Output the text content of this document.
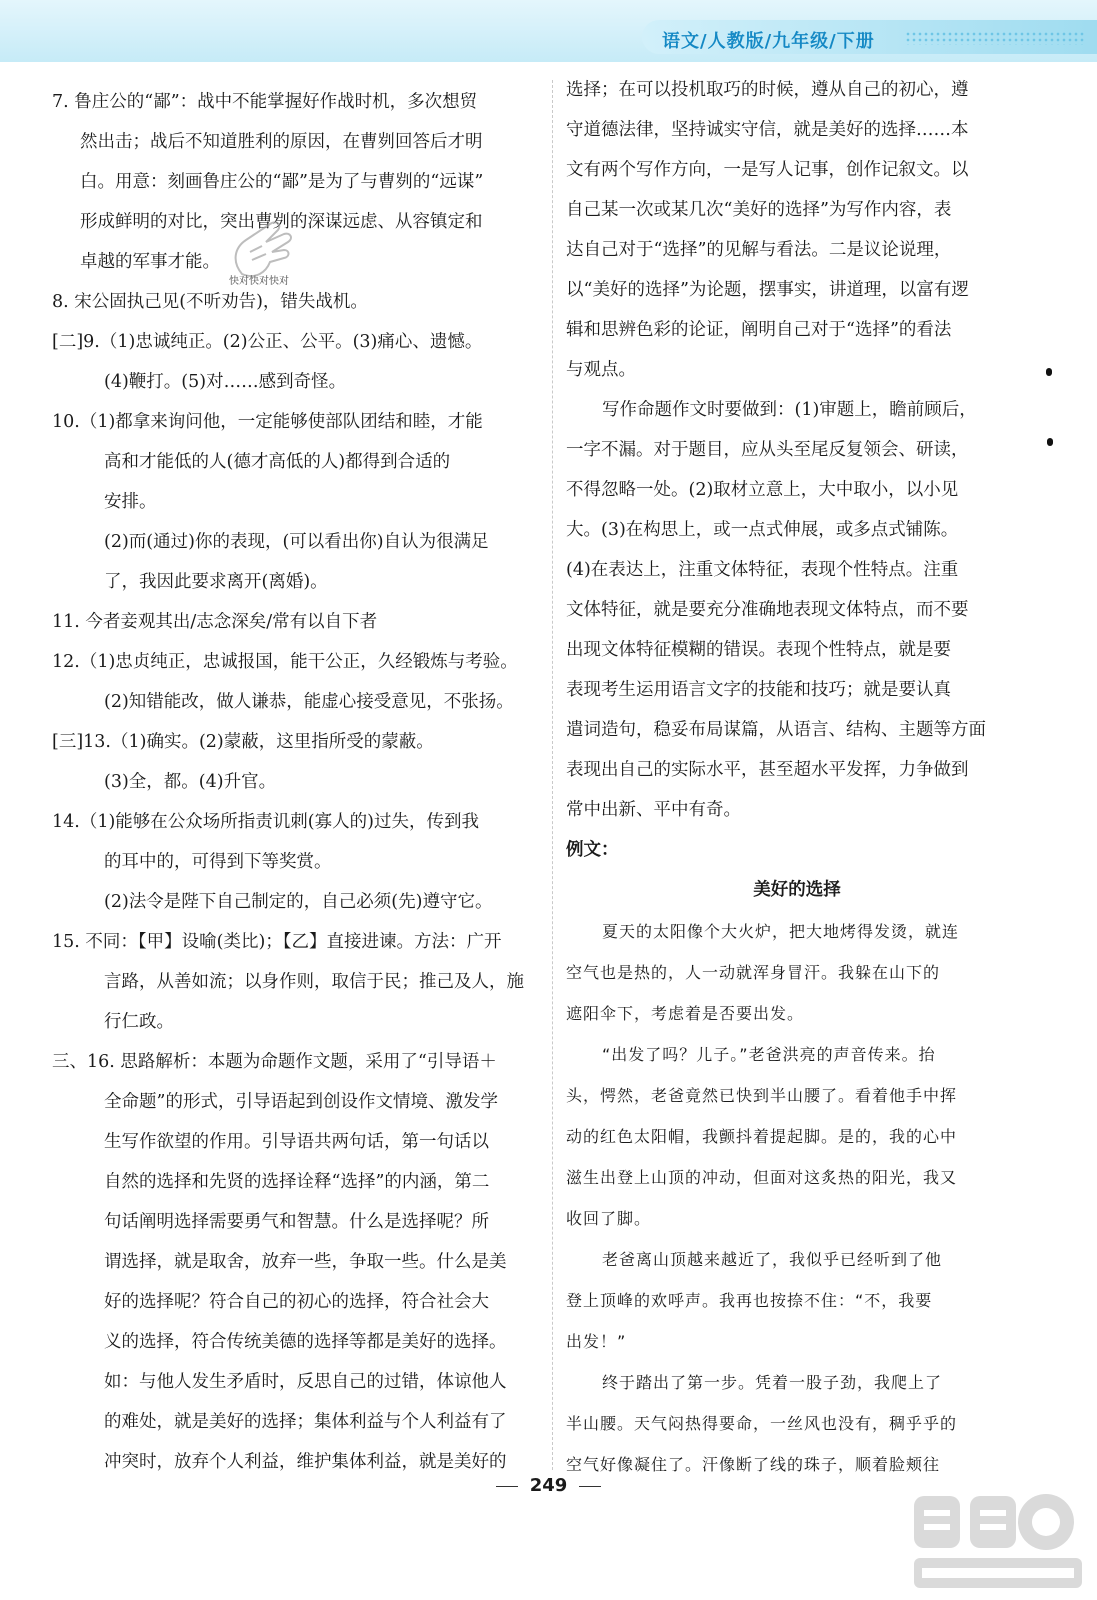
语文/人教版/九年级/下册
7. 鲁庄公的“鄙”：战中不能掌握好作战时机，多次想贸
然出击；战后不知道胜利的原因，在曹刿回答后才明
白。用意：刻画鲁庄公的“鄙”是为了与曹刿的“远谋”
形成鲜明的对比，突出曹刿的深谋远虑、从容镇定和
卓越的军事才能。
8. 宋公固执己见(不听劝告)，错失战机。
[二]9.（1)忠诚纯正。(2)公正、公平。(3)痛心、遗憾。
(4)鞭打。(5)对……感到奇怪。
10.（1)都拿来询问他，一定能够使部队团结和睦，才能
高和才能低的人(德才高低的人)都得到合适的
安排。
(2)而(通过)你的表现，(可以看出你)自认为很满足
了，我因此要求离开(离婚)。
11. 今者妾观其出/志念深矣/常有以自下者
12.（1)忠贞纯正，忠诚报国，能干公正，久经锻炼与考验。
(2)知错能改，做人谦恭，能虚心接受意见，不张扬。
[三]13.（1)确实。(2)蒙蔽，这里指所受的蒙蔽。
(3)全，都。(4)升官。
14.（1)能够在公众场所指责讥刺(寡人的)过失，传到我
的耳中的，可得到下等奖赏。
(2)法令是陛下自己制定的，自己必须(先)遵守它。
15. 不同：【甲】设喻(类比)；【乙】直接进谏。方法：广开
言路，从善如流；以身作则，取信于民；推己及人，施
行仁政。
三、16. 思路解析：本题为命题作文题，采用了“引导语＋
全命题”的形式，引导语起到创设作文情境、激发学
生写作欲望的作用。引导语共两句话，第一句话以
自然的选择和先贤的选择诠释“选择”的内涵，第二
句话阐明选择需要勇气和智慧。什么是选择呢？所
谓选择，就是取舍，放弃一些，争取一些。什么是美
好的选择呢？符合自己的初心的选择，符合社会大
义的选择，符合传统美德的选择等都是美好的选择。
如：与他人发生矛盾时，反思自己的过错，体谅他人
的难处，就是美好的选择；集体利益与个人利益有了
冲突时，放弃个人利益，维护集体利益，就是美好的
选择；在可以投机取巧的时候，遵从自己的初心，遵
守道德法律，坚持诚实守信，就是美好的选择……本
文有两个写作方向，一是写人记事，创作记叙文。以
自己某一次或某几次“美好的选择”为写作内容，表
达自己对于“选择”的见解与看法。二是议论说理，
以“美好的选择”为论题，摆事实，讲道理，以富有逻
辑和思辨色彩的论证，阐明自己对于“选择”的看法
与观点。
写作命题作文时要做到：(1)审题上，瞻前顾后，
一字不漏。对于题目，应从头至尾反复领会、研读，
不得忽略一处。(2)取材立意上，大中取小，以小见
大。(3)在构思上，或一点式伸展，或多点式铺陈。
(4)在表达上，注重文体特征，表现个性特点。注重
文体特征，就是要充分准确地表现文体特点，而不要
出现文体特征模糊的错误。表现个性特点，就是要
表现考生运用语言文字的技能和技巧；就是要认真
遣词造句，稳妥布局谋篇，从语言、结构、主题等方面
表现出自己的实际水平，甚至超水平发挥，力争做到
常中出新、平中有奇。
例文：
美好的选择
夏天的太阳像个大火炉，把大地烤得发烫，就连
空气也是热的，人一动就浑身冒汗。我躲在山下的
遮阳伞下，考虑着是否要出发。
“出发了吗？儿子。”老爸洪亮的声音传来。抬
头，愕然，老爸竟然已快到半山腰了。看着他手中挥
动的红色太阳帽，我颤抖着提起脚。是的，我的心中
滋生出登上山顶的冲动，但面对这炙热的阳光，我又
收回了脚。
老爸离山顶越来越近了，我似乎已经听到了他
登上顶峰的欢呼声。我再也按捺不住：“不，我要
出发！”
终于踏出了第一步。凭着一股子劲，我爬上了
半山腰。天气闷热得要命，一丝风也没有，稠乎乎的
空气好像凝住了。汗像断了线的珠子，顺着脸颊往
快对快对快对
249
